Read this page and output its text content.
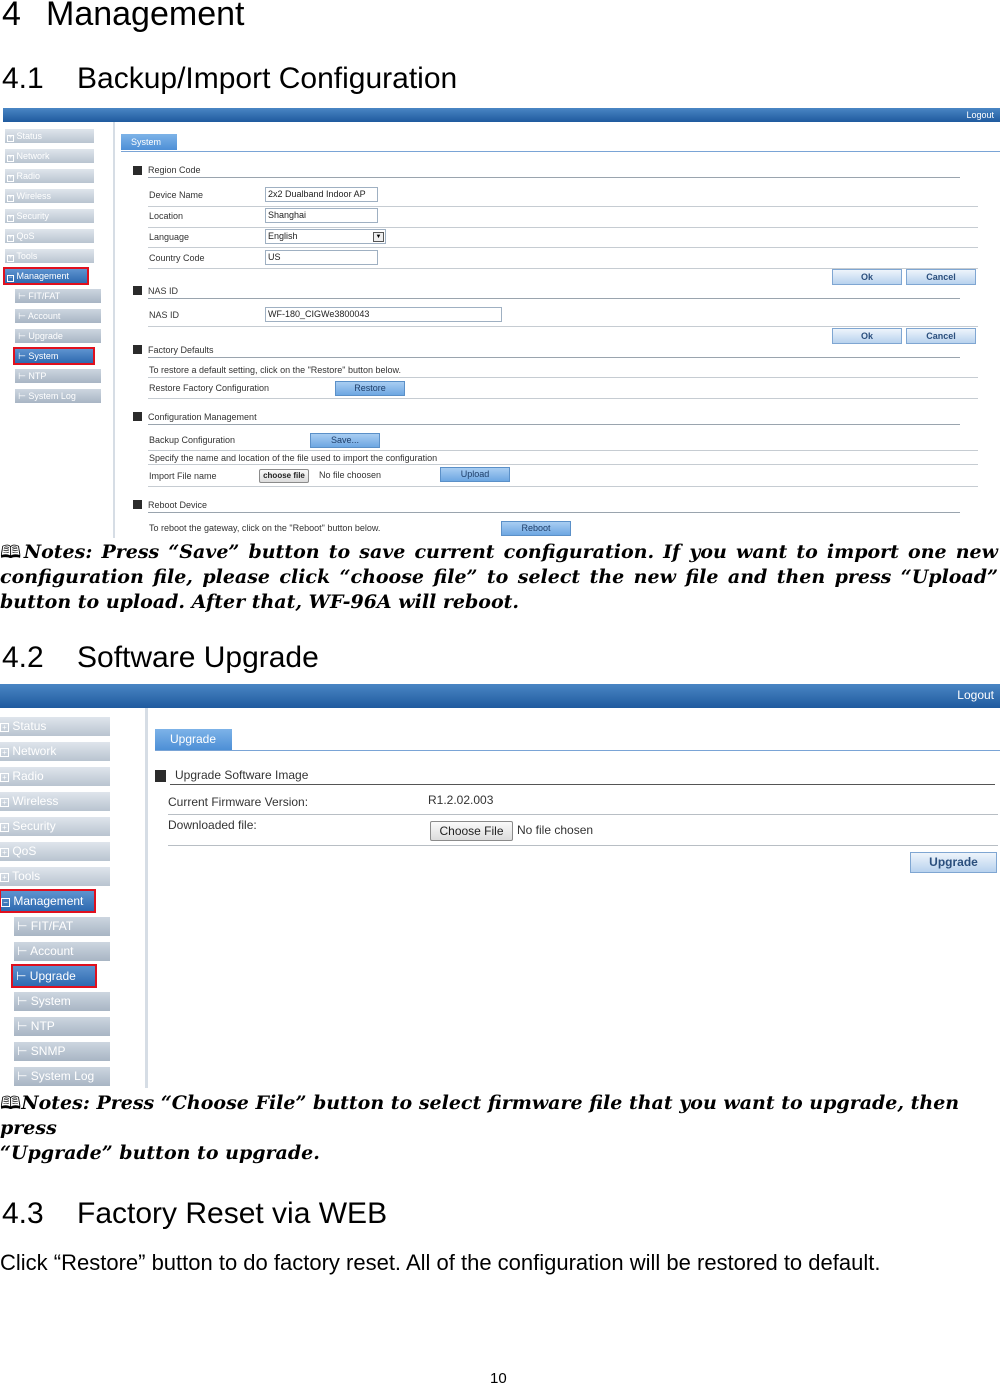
4 Management
4.1 Backup/Import Configuration
Logout
+ Status
+ Network
+ Radio
+ Wireless
+ Security
+ QoS
+ Tools
− Management
⊢ FIT/FAT
⊢ Account
⊢ Upgrade
⊢ System
⊢ NTP
⊢ System Log
System
Region Code
Device Name	2x2 Dualband Indoor AP
Location	Shanghai
Language	English	▼
Country Code	US
Ok	Cancel
NAS ID
NAS ID	WF-180_CIGWe3800043
Ok	Cancel
Factory Defaults
To restore a default setting, click on the "Restore" button below.
Restore Factory Configuration	Restore
Configuration Management
Backup Configuration	Save...
Specify the name and location of the file used to import the configuration
Import File name	choose file	No file choosen	Upload
Reboot Device
To reboot the gateway, click on the "Reboot" button below.	Reboot
🕮Notes: Press “Save” button to save current configuration. If you want to import one new configuration file, please click “choose file” to select the new file and then press “Upload” button to upload. After that, WF-96A will reboot.
4.2 Software Upgrade
Logout
+ Status
+ Network
+ Radio
+ Wireless
+ Security
+ QoS
+ Tools
− Management
⊢ FIT/FAT
⊢ Account
⊢ Upgrade
⊢ System
⊢ NTP
⊢ SNMP
⊢ System Log
Upgrade
Upgrade Software Image
Current Firmware Version:	R1.2.02.003
Downloaded file:	Choose File	No file chosen
Upgrade
🕮Notes: Press “Choose File” button to select firmware file that you want to upgrade, then press
“Upgrade” button to upgrade.
4.3 Factory Reset via WEB
Click “Restore” button to do factory reset. All of the configuration will be restored to default.
10
